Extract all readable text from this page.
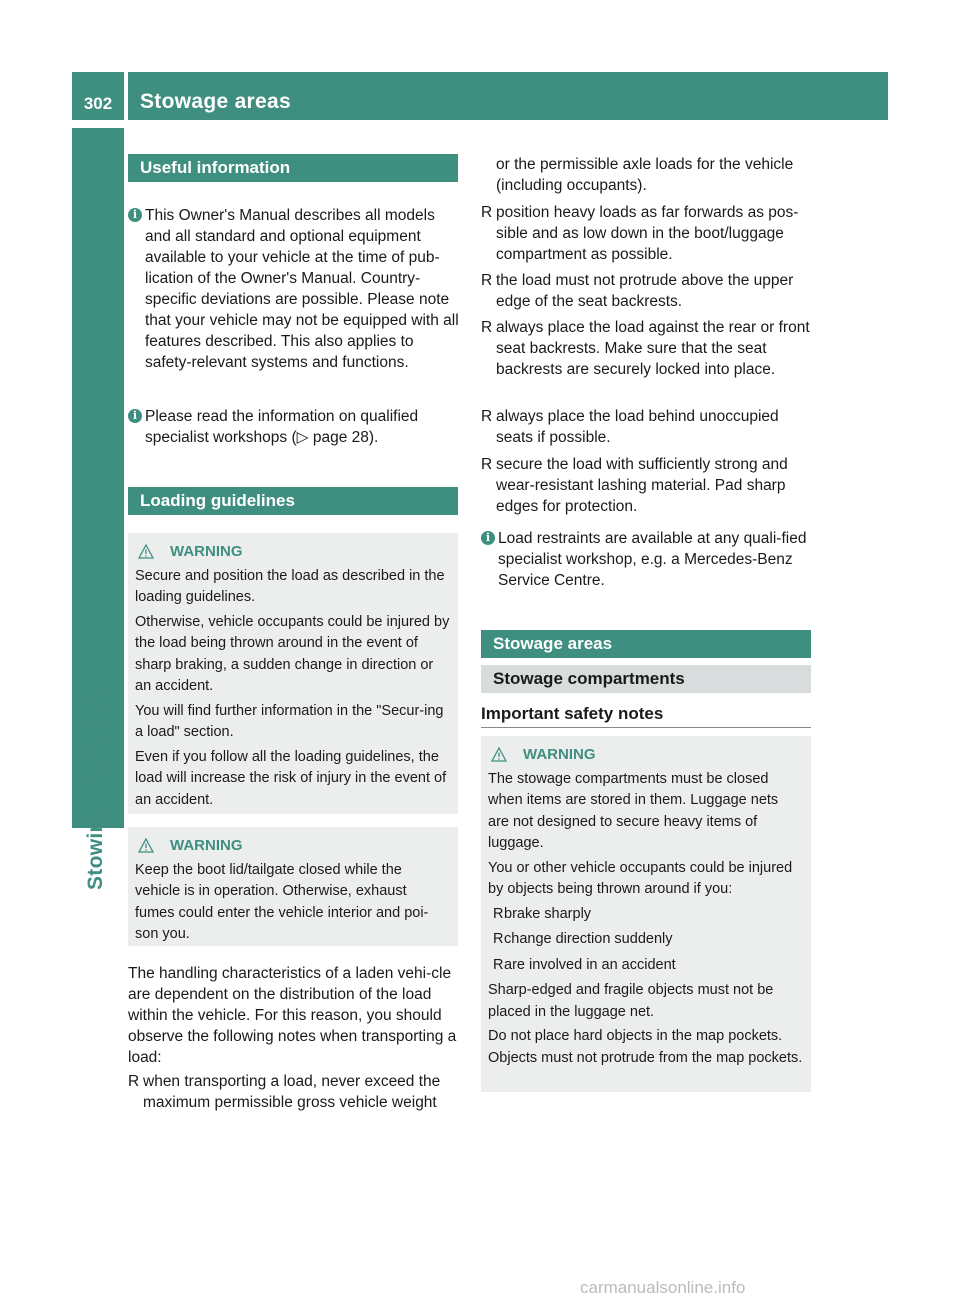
302	Stowage areas
Stowing and features
Useful information
i This Owner's Manual describes all models and all standard and optional equipment available to your vehicle at the time of pub-lication of the Owner's Manual. Country-specific deviations are possible. Please note that your vehicle may not be equipped with all features described. This also applies to safety-relevant systems and functions.
i Please read the information on qualified specialist workshops (▷ page 28).
Loading guidelines
WARNING
Secure and position the load as described in the loading guidelines.
Otherwise, vehicle occupants could be injured by the load being thrown around in the event of sharp braking, a sudden change in direction or an accident.
You will find further information in the "Secur-ing a load" section.
Even if you follow all the loading guidelines, the load will increase the risk of injury in the event of an accident.
WARNING
Keep the boot lid/tailgate closed while the vehicle is in operation. Otherwise, exhaust fumes could enter the vehicle interior and poi-son you.
The handling characteristics of a laden vehi-cle are dependent on the distribution of the load within the vehicle. For this reason, you should observe the following notes when transporting a load:
R when transporting a load, never exceed the maximum permissible gross vehicle weight
or the permissible axle loads for the vehicle (including occupants).
R position heavy loads as far forwards as pos-sible and as low down in the boot/luggage compartment as possible.
R the load must not protrude above the upper edge of the seat backrests.
R always place the load against the rear or front seat backrests. Make sure that the seat backrests are securely locked into place.
R always place the load behind unoccupied seats if possible.
R secure the load with sufficiently strong and wear-resistant lashing material. Pad sharp edges for protection.
i Load restraints are available at any quali-fied specialist workshop, e.g. a Mercedes-Benz Service Centre.
Stowage areas
Stowage compartments
Important safety notes
WARNING
The stowage compartments must be closed when items are stored in them. Luggage nets are not designed to secure heavy items of luggage.
You or other vehicle occupants could be injured by objects being thrown around if you:
R brake sharply
R change direction suddenly
R are involved in an accident
Sharp-edged and fragile objects must not be placed in the luggage net.
Do not place hard objects in the map pockets. Objects must not protrude from the map pockets.
carmanualsonline.info
